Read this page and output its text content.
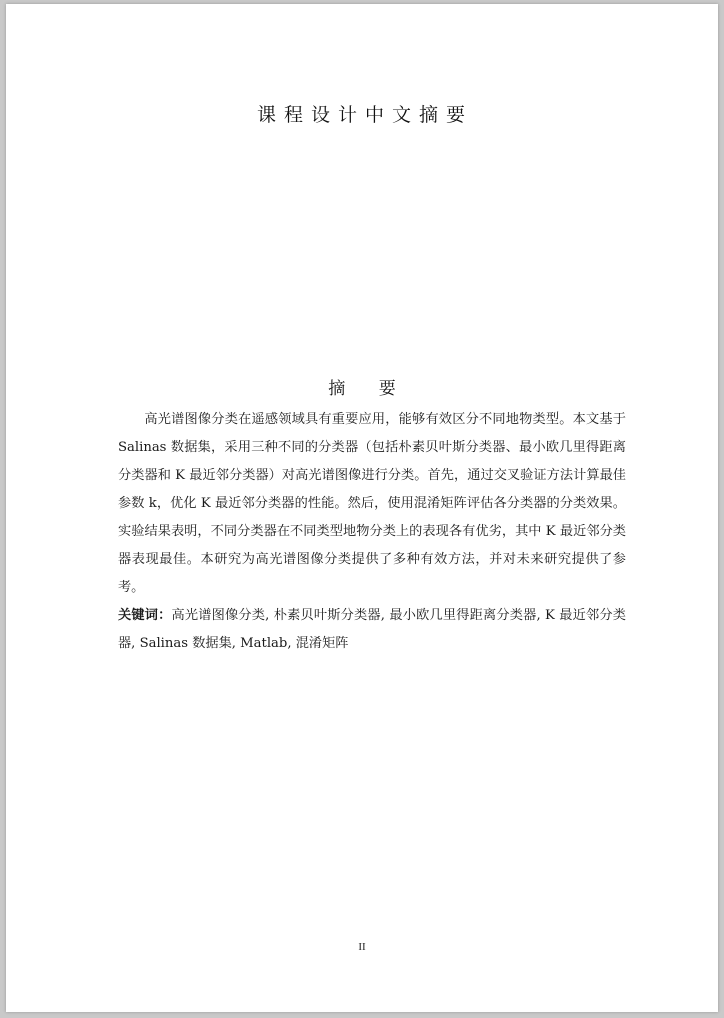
课程设计中文摘要
摘 要

高光谱图像分类在遥感领域具有重要应用，能够有效区分不同地物类型。本文基于 Salinas 数据集，采用三种不同的分类器（包括朴素贝叶斯分类器、最小欧几里得距离分类器和 K 最近邻分类器）对高光谱图像进行分类。首先，通过交叉验证方法计算最佳参数 k，优化 K 最近邻分类器的性能。然后，使用混淆矩阵评估各分类器的分类效果。实验结果表明，不同分类器在不同类型地物分类上的表现各有优劣，其中 K 最近邻分类器表现最佳。本研究为高光谱图像分类提供了多种有效方法，并对未来研究提供了参考。

关键词：高光谱图像分类, 朴素贝叶斯分类器, 最小欧几里得距离分类器, K 最近邻分类器, Salinas 数据集, Matlab, 混淆矩阵

II
